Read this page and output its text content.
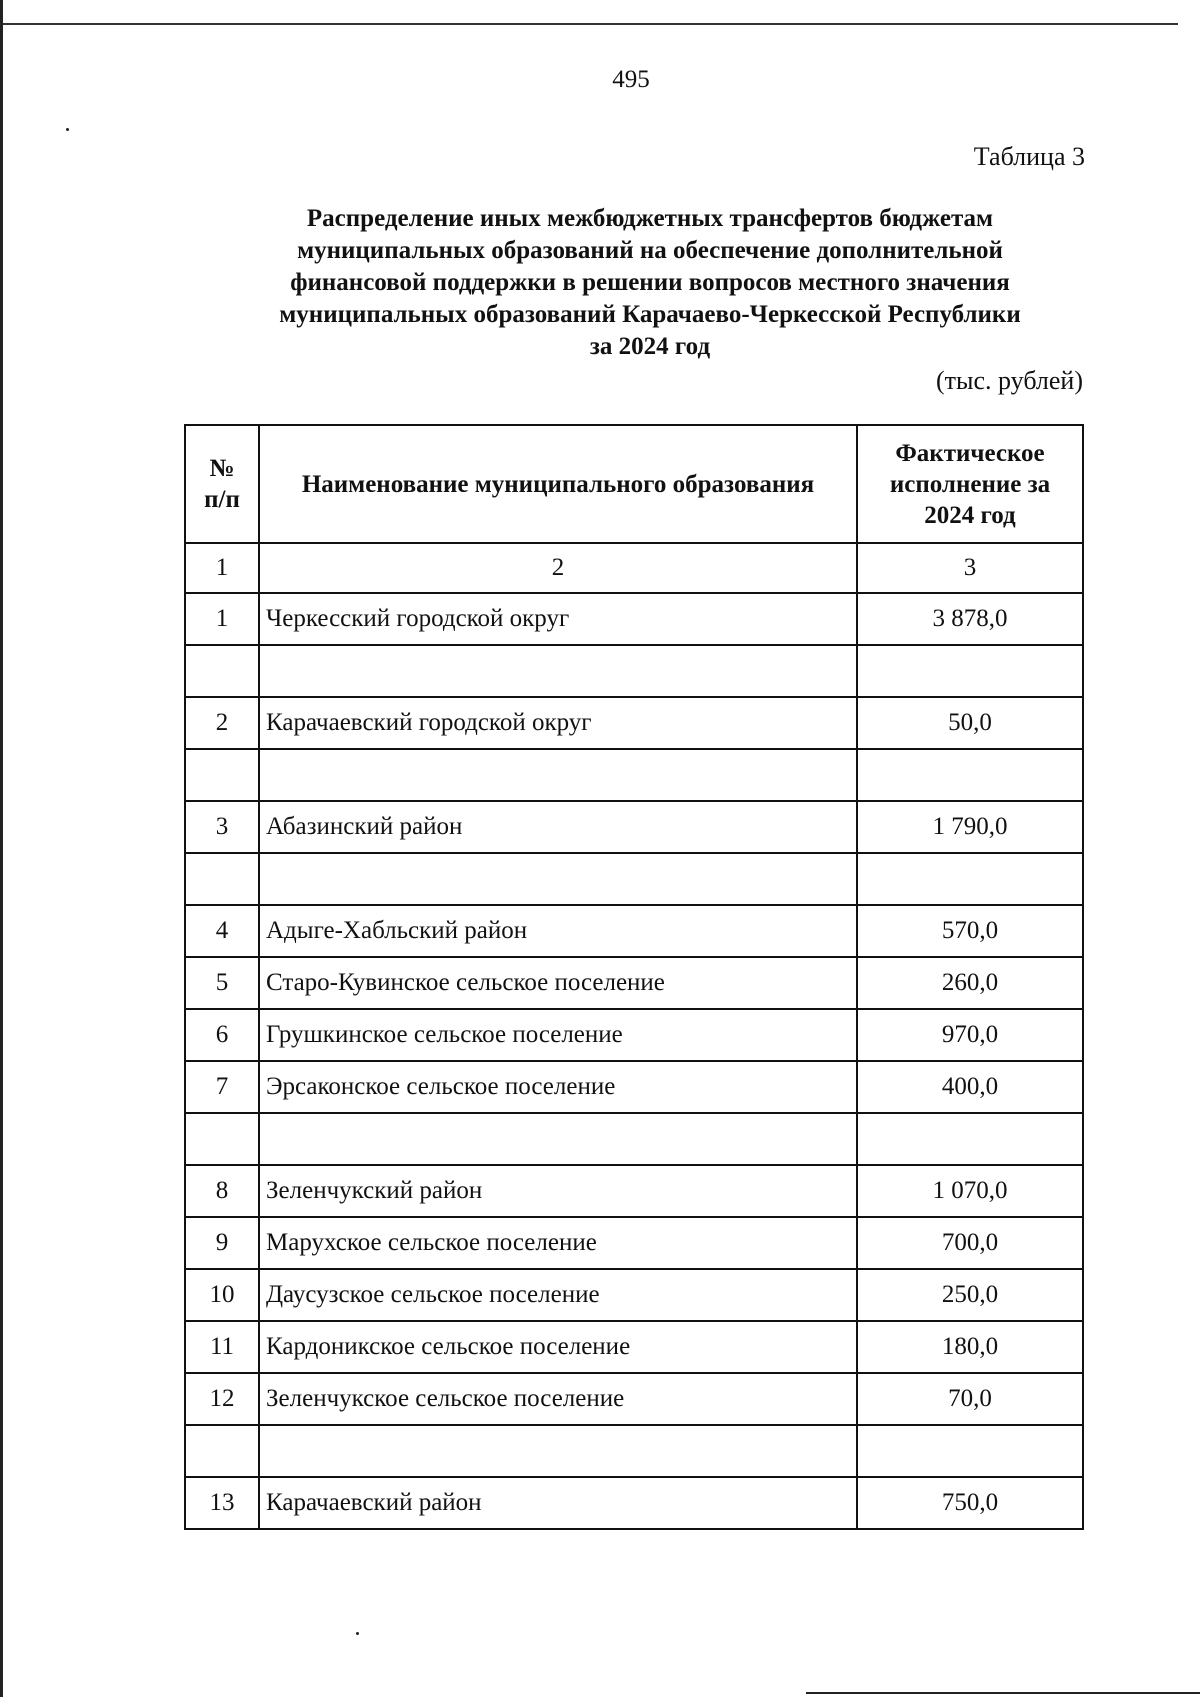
495
Таблица 3
Распределение иных межбюджетных трансфертов бюджетам
муниципальных образований на обеспечение дополнительной
финансовой поддержки в решении вопросов местного значения
муниципальных образований Карачаево-Черкесской Республики
за 2024 год
(тыс. рублей)
№
п/п	Наименование муниципального образования	Фактическое исполнение за 2024 год
1	2	3
1	Черкесский городской округ	3 878,0

2	Карачаевский городской округ	50,0

3	Абазинский район	1 790,0

4	Адыге-Хабльский район	570,0
5	Старо-Кувинское сельское поселение	260,0
6	Грушкинское сельское поселение	970,0
7	Эрсаконское сельское поселение	400,0

8	Зеленчукский район	1 070,0
9	Марухское сельское поселение	700,0
10	Даусузское сельское поселение	250,0
11	Кардоникское сельское поселение	180,0
12	Зеленчукское сельское поселение	70,0

13	Карачаевский район	750,0
